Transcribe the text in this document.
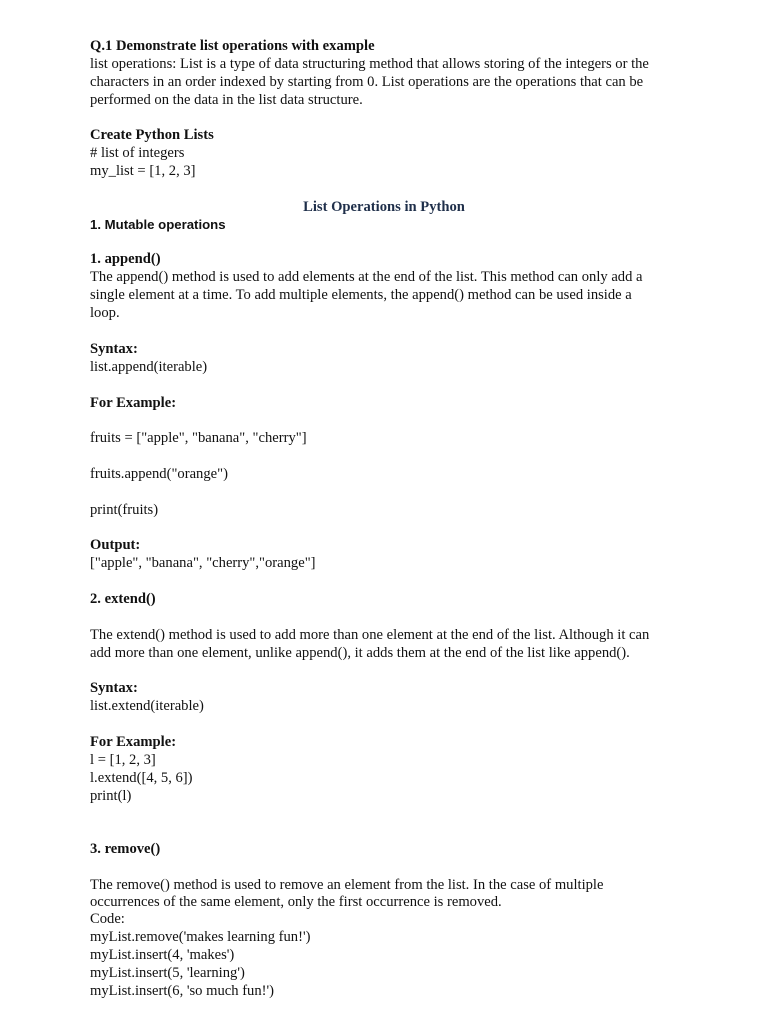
Q.1 Demonstrate list operations with example

list operations: List is a type of data structuring method that allows storing of the integers or the

characters in an order indexed by starting from 0. List operations are the operations that can be

performed on the data in the list data structure.

Create Python Lists

# list of integers

my_list = [1, 2, 3]

List Operations in Python

1. Mutable operations

1. append()

The append() method is used to add elements at the end of the list. This method can only add a

single element at a time. To add multiple elements, the append() method can be used inside a

loop.

Syntax:

list.append(iterable)

For Example:

fruits = ["apple", "banana", "cherry"]

fruits.append("orange")

print(fruits)

Output:

["apple", "banana", "cherry","orange"]

2. extend()

The extend() method is used to add more than one element at the end of the list. Although it can

add more than one element, unlike append(), it adds them at the end of the list like append().

Syntax:

list.extend(iterable)

For Example:

l = [1, 2, 3]

l.extend([4, 5, 6])

print(l)

3. remove()

The remove() method is used to remove an element from the list. In the case of multiple

occurrences of the same element, only the first occurrence is removed.

Code:

myList.remove('makes learning fun!')

myList.insert(4, 'makes')

myList.insert(5, 'learning')

myList.insert(6, 'so much fun!')
